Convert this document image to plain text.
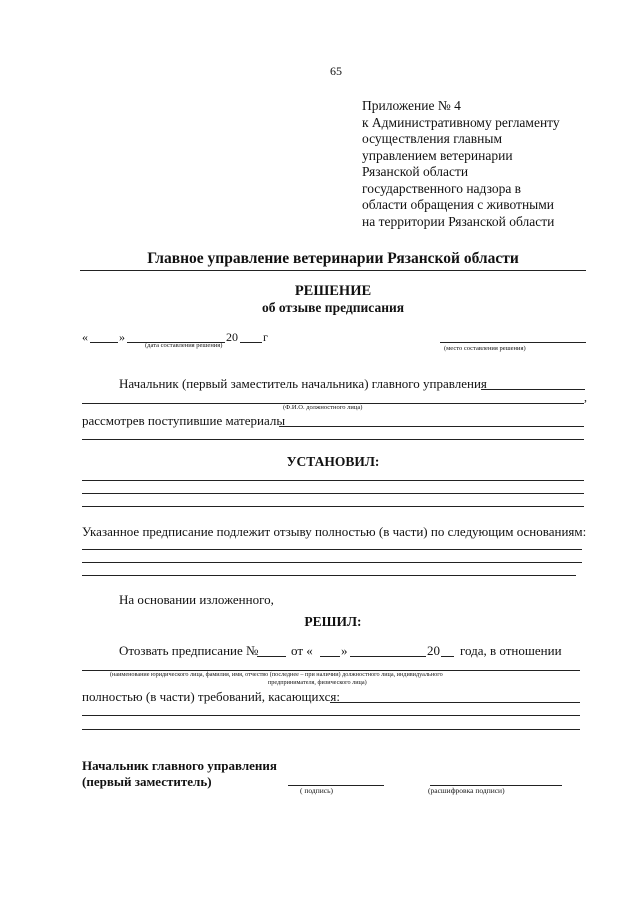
65
Приложение № 4
к Административному регламенту
осуществления главным
управлением ветеринарии
Рязанской области
государственного надзора в
области обращения с животными
на территории Рязанской области
Главное управление ветеринарии Рязанской области
РЕШЕНИЕ
об отзыве предписания
«	»	20 г
(дата составления решения)	(место составления решения)
Начальник (первый заместитель начальника) главного управления
,
(Ф.И.О. должностного лица)
рассмотрев поступившие материалы
УСТАНОВИЛ:
Указанное предписание подлежит отзыву полностью (в части) по следующим основаниям:
На основании изложенного,
РЕШИЛ:
Отозвать предписание №	от « »	20 года, в отношении
(наименование юридического лица, фамилия, имя, отчество (последнее – при наличии) должностного лица, индивидуального
предпринимателя, физического лица)
полностью (в части) требований, касающихся:
Начальник главного управления
(первый заместитель)
( подпись)	(расшифровка подписи)
